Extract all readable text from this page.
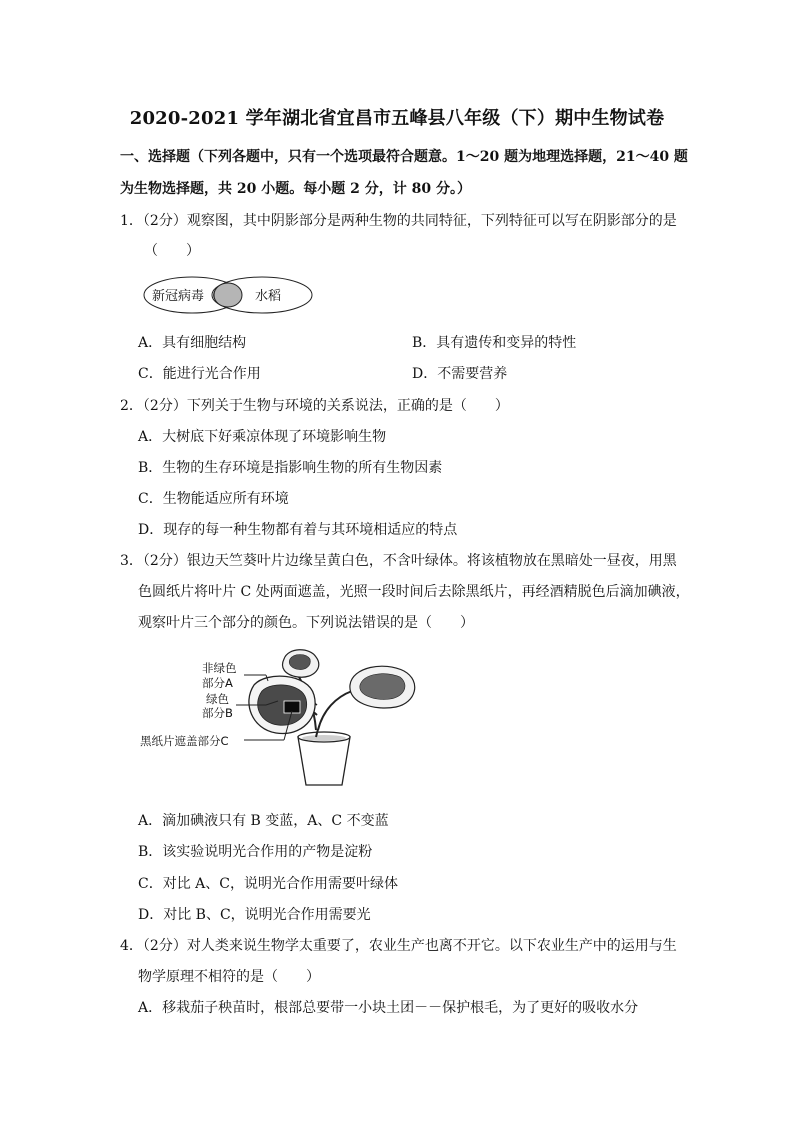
2020-2021 学年湖北省宜昌市五峰县八年级（下）期中生物试卷
一、选择题（下列各题中，只有一个选项最符合题意。1～20 题为地理选择题，21～40 题
为生物选择题，共 20 小题。每小题 2 分，计 80 分。）
1．（2分）观察图，其中阴影部分是两种生物的共同特征，下列特征可以写在阴影部分的是
（　　）
新冠病毒	水稻
A．具有细胞结构	B．具有遗传和变异的特性
C．能进行光合作用	D．不需要营养
2．（2分）下列关于生物与环境的关系说法，正确的是（　　）
A．大树底下好乘凉体现了环境影响生物
B．生物的生存环境是指影响生物的所有生物因素
C．生物能适应所有环境
D．现存的每一种生物都有着与其环境相适应的特点
3．（2分）银边天竺葵叶片边缘呈黄白色，不含叶绿体。将该植物放在黑暗处一昼夜，用黑
色圆纸片将叶片 C 处两面遮盖，光照一段时间后去除黑纸片，再经酒精脱色后滴加碘液，
观察叶片三个部分的颜色。下列说法错误的是（　　）
非绿色
部分A
绿色
部分B
黑纸片遮盖部分C
A．滴加碘液只有 B 变蓝，A、C 不变蓝
B．该实验说明光合作用的产物是淀粉
C．对比 A、C，说明光合作用需要叶绿体
D．对比 B、C，说明光合作用需要光
4．（2分）对人类来说生物学太重要了，农业生产也离不开它。以下农业生产中的运用与生
物学原理不相符的是（　　）
A．移栽茄子秧苗时，根部总要带一小块土团－－保护根毛，为了更好的吸收水分
